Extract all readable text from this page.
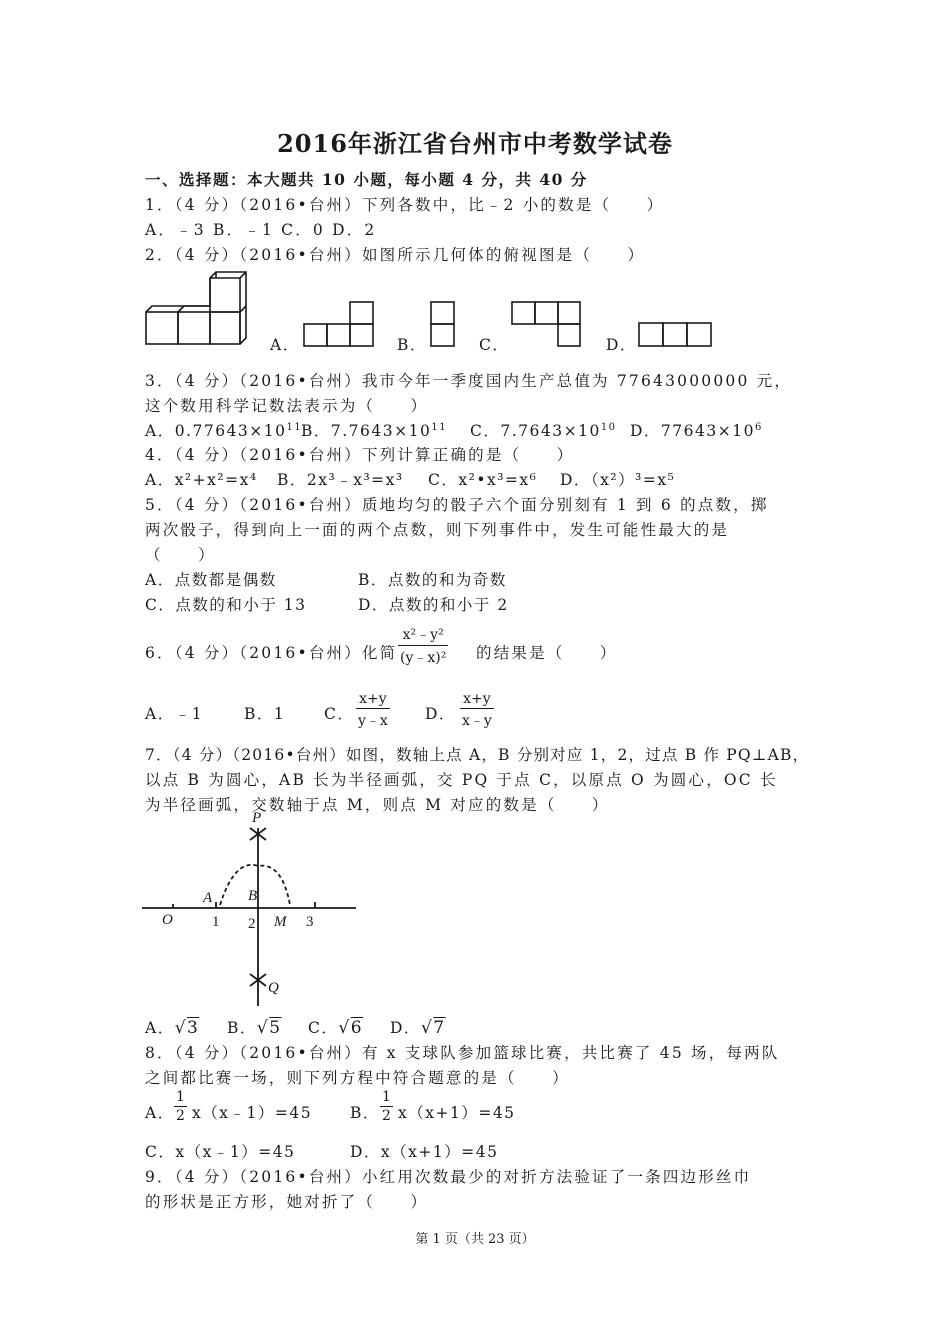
2016年浙江省台州市中考数学试卷
一、选择题：本大题共 10 小题，每小题 4 分，共 40 分
1．（4 分）（2016•台州）下列各数中，比﹣2 小的数是（　　）
A．﹣3 B．﹣1 C．0 D．2
2．（4 分）（2016•台州）如图所示几何体的俯视图是（　　）
A．	B．	C．	D．
3．（4 分）（2016•台州）我市今年一季度国内生产总值为 77643000000 元，
这个数用科学记数法表示为（　　）
A．$0.77643\times 10^{11}$
B．$7.7643\times 10^{11}$ C．$7.7643\times 10^{10}$ D．$77643\times 10^6$
4．（4 分）（2016•台州）下列计算正确的是（　　）
A．x²+x²=x⁴ B．2x³﹣x³=x³ C．x²•x³=x⁶ D．（x²）³=x⁵
5．（4 分）（2016•台州）质地均匀的骰子六个面分别刻有 1 到 6 的点数，掷
两次骰子，得到向上一面的两个点数，则下列事件中，发生可能性最大的是
（　　）
A．点数都是偶数	B．点数的和为奇数
C．点数的和小于 13	D．点数的和小于 2
6．（4 分）（2016•台州）化简
x²﹣y²
(y﹣x)² 的结果是（　　）
A．﹣1	B．1 C．
x+y
y﹣x D．
x+y
x﹣y
7．（4 分）（2016•台州）如图，数轴上点 A，B 分别对应 1，2，过点 B 作 PQ⊥AB，
以点 B 为圆心，AB 长为半径画弧，交 PQ 于点 C，以原点 O 为圆心，OC 长
为半径画弧，交数轴于点 M，则点 M 对应的数是（　　）
P
Q
A B
O	M
1 2	3
A．√3 B．√5 C．√6 D．√7
8．（4 分）（2016•台州）有 x 支球队参加篮球比赛，共比赛了 45 场，每两队
之间都比赛一场，则下列方程中符合题意的是（　　）
A．
1
2 x（x﹣1）=45 B．
1
2 x（x+1）=45
C．x（x﹣1）=45	D．x（x+1）=45
9．（4 分）（2016•台州）小红用次数最少的对折方法验证了一条四边形丝巾
的形状是正方形，她对折了（　　）
第 1 页（共 23 页）
